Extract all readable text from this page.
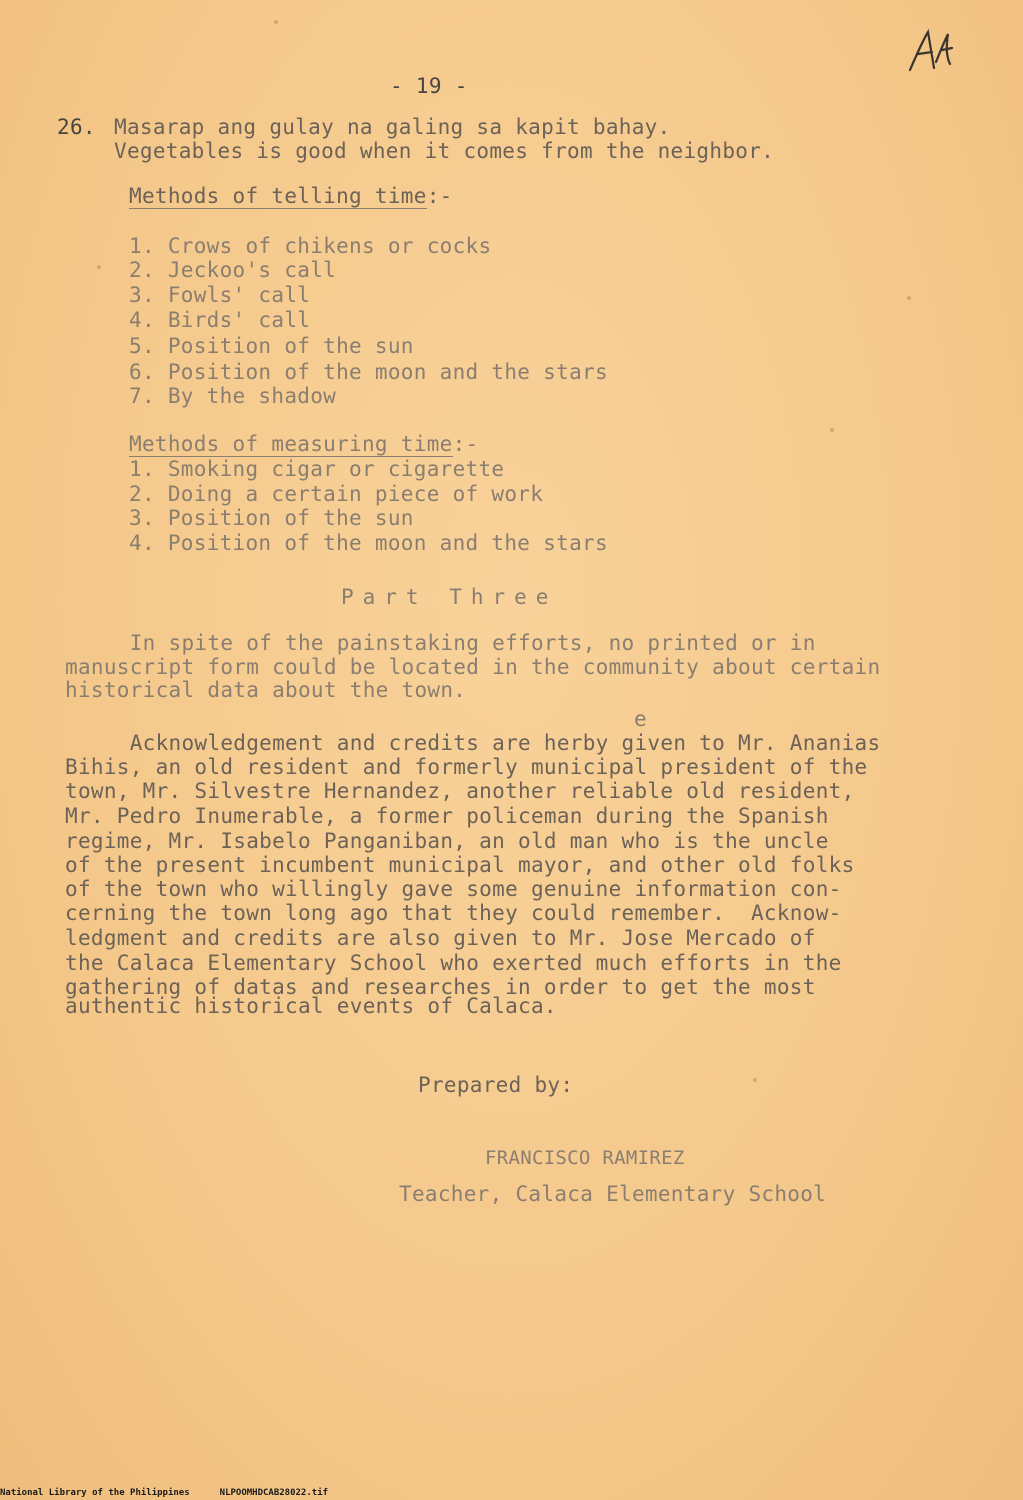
- 19 -
26. Masarap ang gulay na galing sa kapit bahay.
Vegetables is good when it comes from the neighbor.
Methods of telling time:-
1. Crows of chikens or cocks
2. Jeckoo's call
3. Fowls' call
4. Birds' call
5. Position of the sun
6. Position of the moon and the stars
7. By the shadow
Methods of measuring time:-
1. Smoking cigar or cigarette
2. Doing a certain piece of work
3. Position of the sun
4. Position of the moon and the stars
Part Three
In spite of the painstaking efforts, no printed or in
manuscript form could be located in the community about certain
historical data about the town.
e
Acknowledgement and credits are herby given to Mr. Ananias
Bihis, an old resident and formerly municipal president of the
town, Mr. Silvestre Hernandez, another reliable old resident,
Mr. Pedro Inumerable, a former policeman during the Spanish
regime, Mr. Isabelo Panganiban, an old man who is the uncle
of the present incumbent municipal mayor, and other old folks
of the town who willingly gave some genuine information con-
cerning the town long ago that they could remember.  Acknow-
ledgment and credits are also given to Mr. Jose Mercado of
the Calaca Elementary School who exerted much efforts in the
gathering of datas and researches in order to get the most
authentic historical events of Calaca.
Prepared by:
FRANCISCO RAMIREZ
Teacher, Calaca Elementary School
National Library of the Philippines	NLPOOMHDCAB28022.tif
